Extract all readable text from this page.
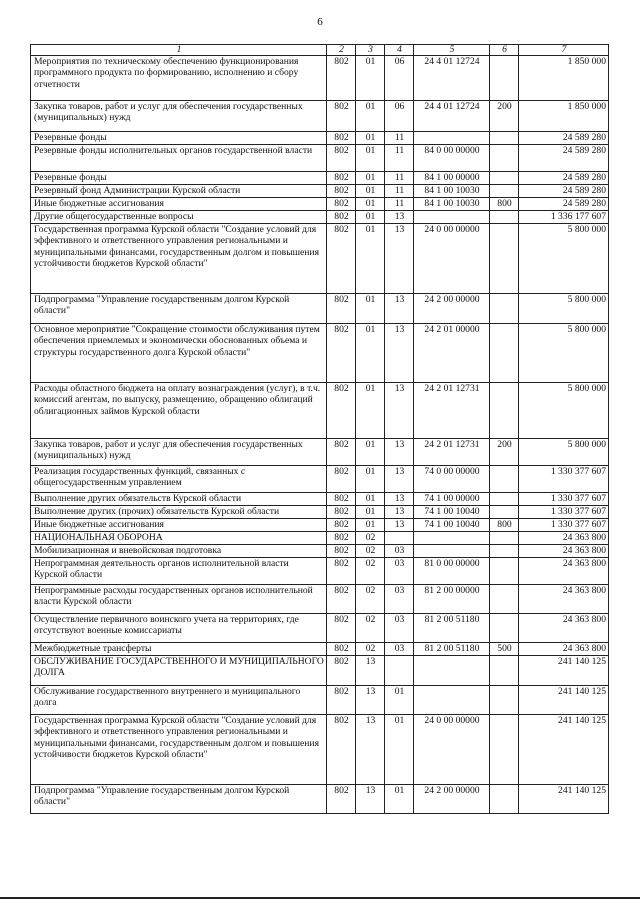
6
1	2	3	4	5	6	7
Мероприятия по техническому обеспечению функционирования программного продукта по формированию, исполнению и сбору отчетности	802	01	06	24 4 01 12724		1 850 000
Закупка товаров, работ и услуг для обеспечения государственных (муниципальных) нужд	802	01	06	24 4 01 12724	200	1 850 000
Резервные фонды	802	01	11			24 589 280
Резервные фонды исполнительных органов государственной власти	802	01	11	84 0 00 00000		24 589 280
Резервные фонды	802	01	11	84 1 00 00000		24 589 280
Резервный фонд Администрации Курской области	802	01	11	84 1 00 10030		24 589 280
Иные бюджетные ассигнования	802	01	11	84 1 00 10030	800	24 589 280
Другие общегосударственные вопросы	802	01	13			1 336 177 607
Государственная программа Курской области "Создание условий для эффективного и ответственного управления региональными и муниципальными финансами, государственным долгом и повышения устойчивости бюджетов Курской области"	802	01	13	24 0 00 00000		5 800 000
Подпрограмма "Управление государственным долгом Курской области"	802	01	13	24 2 00 00000		5 800 000
Основное мероприятие "Сокращение стоимости обслуживания путем обеспечения приемлемых и экономически обоснованных объема и структуры государственного долга Курской области"	802	01	13	24 2 01 00000		5 800 000
Расходы областного бюджета на оплату вознаграждения (услуг), в т.ч. комиссий агентам, по выпуску, размещению, обращению облигаций облигационных займов Курской области	802	01	13	24 2 01 12731		5 800 000
Закупка товаров, работ и услуг для обеспечения государственных (муниципальных) нужд	802	01	13	24 2 01 12731	200	5 800 000
Реализация государственных функций, связанных с общегосударственным управлением	802	01	13	74 0 00 00000		1 330 377 607
Выполнение других обязательств Курской области	802	01	13	74 1 00 00000		1 330 377 607
Выполнение других (прочих) обязательств Курской области	802	01	13	74 1 00 10040		1 330 377 607
Иные бюджетные ассигнования	802	01	13	74 1 00 10040	800	1 330 377 607
НАЦИОНАЛЬНАЯ ОБОРОНА	802	02				24 363 800
Мобилизационная и вневойсковая подготовка	802	02	03			24 363 800
Непрограммная деятельность органов исполнительной власти Курской области	802	02	03	81 0 00 00000		24 363 800
Непрограммные расходы государственных органов исполнительной власти Курской области	802	02	03	81 2 00 00000		24 363 800
Осуществление первичного воинского учета на территориях, где отсутствуют военные комиссариаты	802	02	03	81 2 00 51180		24 363 800
Межбюджетные трансферты	802	02	03	81 2 00 51180	500	24 363 800
ОБСЛУЖИВАНИЕ ГОСУДАРСТВЕННОГО И МУНИЦИПАЛЬНОГО ДОЛГА	802	13				241 140 125
Обслуживание государственного внутреннего и муниципального долга	802	13	01			241 140 125
Государственная программа Курской области "Создание условий для эффективного и ответственного управления региональными и муниципальными финансами, государственным долгом и повышения устойчивости бюджетов Курской области"	802	13	01	24 0 00 00000		241 140 125
Подпрограмма "Управление государственным долгом Курской области"	802	13	01	24 2 00 00000		241 140 125
